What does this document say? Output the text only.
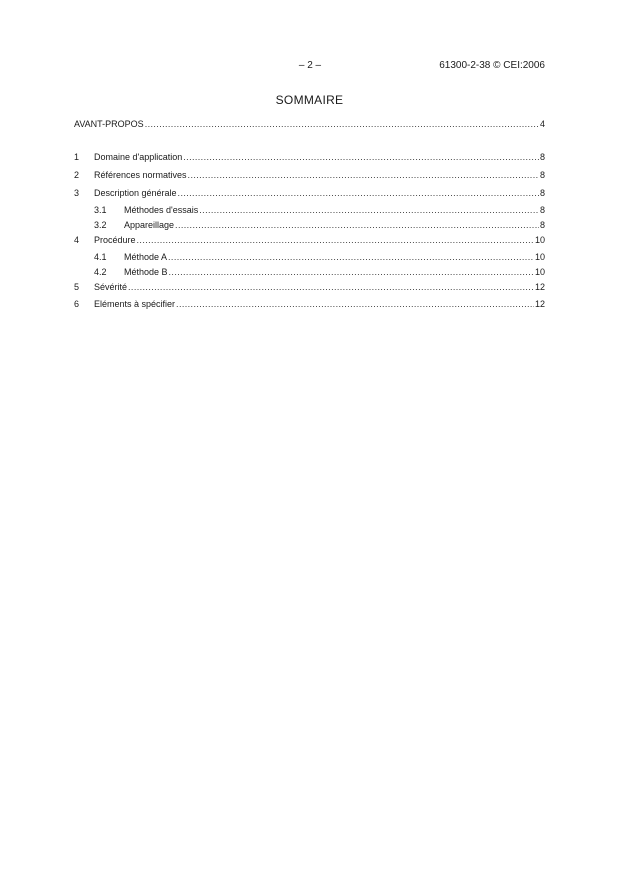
– 2 –	61300-2-38 © CEI:2006
SOMMAIRE
AVANT-PROPOS .....	4
1	Domaine d'application .....	8
2	Références normatives .....	8
3	Description générale .....	8
3.1	Méthodes d'essais .....	8
3.2	Appareillage .....	8
4	Procédure .....	10
4.1	Méthode A .....	10
4.2	Méthode B .....	10
5	Sévérité .....	12
6	Eléments à spécifier .....	12
